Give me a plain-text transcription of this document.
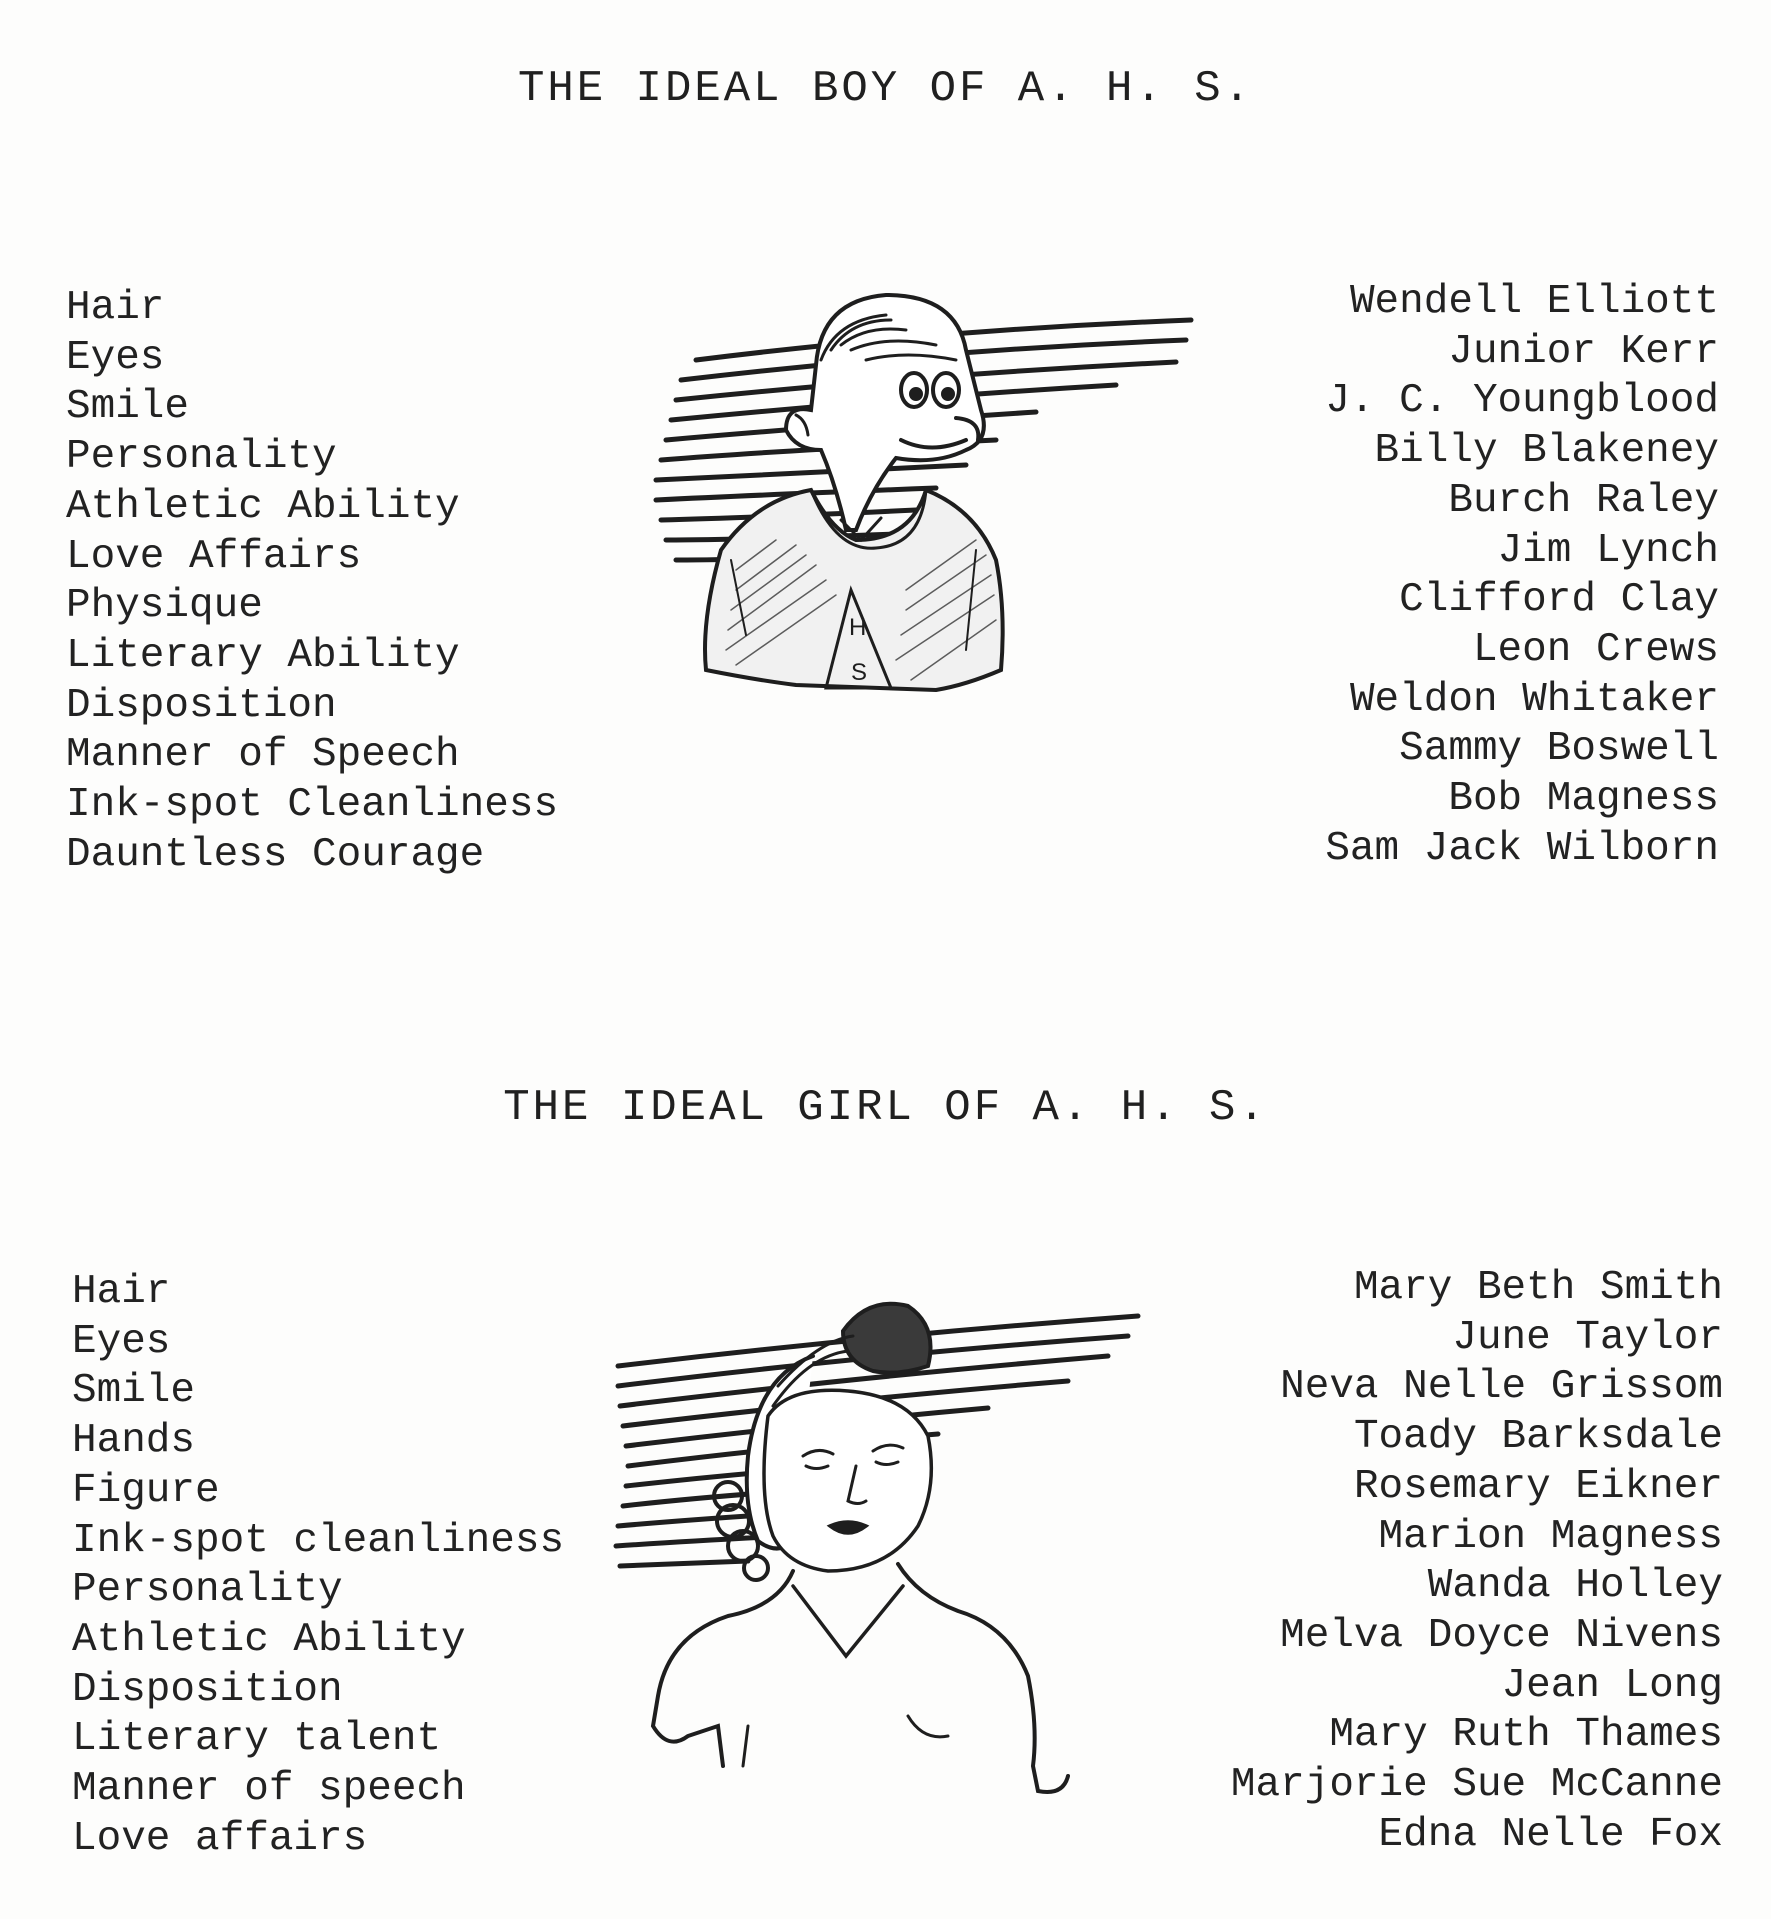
THE IDEAL BOY OF A. H. S.
Hair
Eyes
Smile
Personality
Athletic Ability
Love Affairs
Physique
Literary Ability
Disposition
Manner of Speech
Ink-spot Cleanliness
Dauntless Courage
Wendell Elliott
Junior Kerr
J. C. Youngblood
Billy Blakeney
Burch Raley
Jim Lynch
Clifford Clay
Leon Crews
Weldon Whitaker
Sammy Boswell
Bob Magness
Sam Jack Wilborn
H
S
THE IDEAL GIRL OF A. H. S.
Hair
Eyes
Smile
Hands
Figure
Ink-spot cleanliness
Personality
Athletic Ability
Disposition
Literary talent
Manner of speech
Love affairs
Mary Beth Smith
June Taylor
Neva Nelle Grissom
Toady Barksdale
Rosemary Eikner
Marion Magness
Wanda Holley
Melva Doyce Nivens
Jean Long
Mary Ruth Thames
Marjorie Sue McCanne
Edna Nelle Fox
